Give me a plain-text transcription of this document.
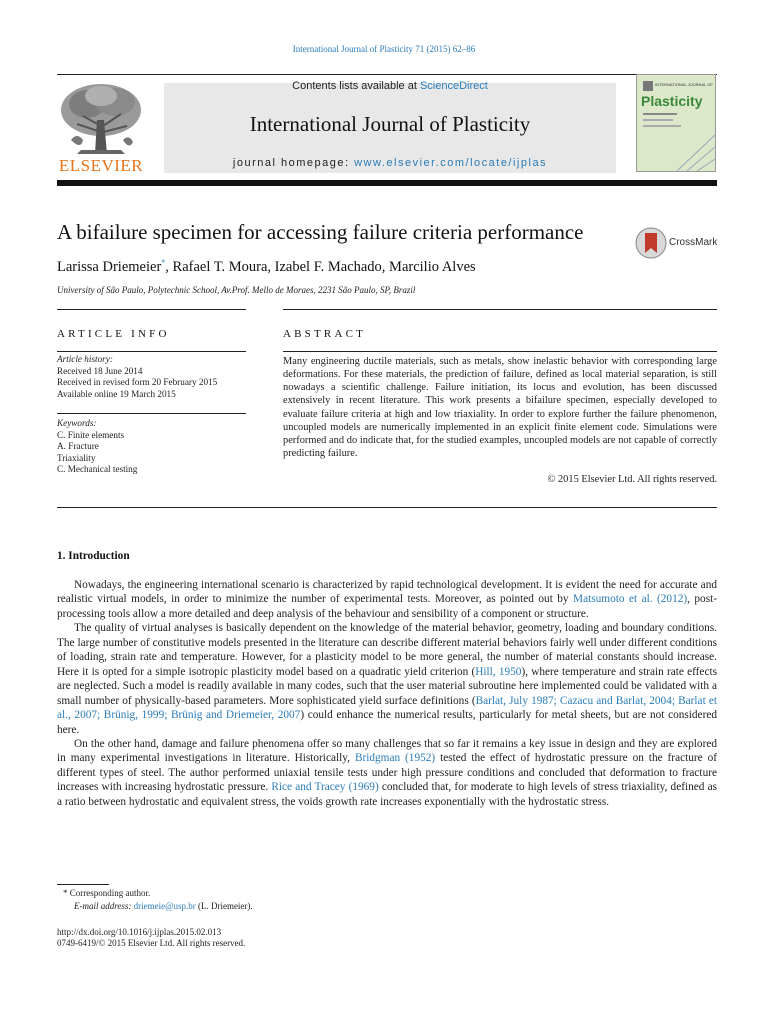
International Journal of Plasticity 71 (2015) 62–86
ELSEVIER
Contents lists available at ScienceDirect
International Journal of Plasticity
journal homepage: www.elsevier.com/locate/ijplas
INTERNATIONAL JOURNAL OF
Plasticity
A bifailure specimen for accessing failure criteria performance	CrossMark
Larissa Driemeier*, Rafael T. Moura, Izabel F. Machado, Marcilio Alves
University of São Paulo, Polytechnic School, Av.Prof. Mello de Moraes, 2231 São Paulo, SP, Brazil
ARTICLE INFO	ABSTRACT
Article history:
Received 18 June 2014
Received in revised form 20 February 2015
Available online 19 March 2015
Keywords:
C. Finite elements
A. Fracture
Triaxiality
C. Mechanical testing
Many engineering ductile materials, such as metals, show inelastic behavior with corresponding large deformations. For these materials, the prediction of failure, defined as local material separation, is still nowadays a scientific challenge. Failure initiation, its locus and evolution, has been discussed extensively in recent literature. This work presents a bifailure specimen, especially developed to evaluate failure criteria at high and low triaxiality. In order to explore further the failure phenomenon, uncoupled models are numerically implemented in an explicit finite element code. Simulations were performed and do indicate that, for the studied examples, uncoupled models are not capable of correctly predicting failure.
© 2015 Elsevier Ltd. All rights reserved.
1. Introduction
Nowadays, the engineering international scenario is characterized by rapid technological development. It is evident the need for accurate and realistic virtual models, in order to minimize the number of experimental tests. Moreover, as pointed out by Matsumoto et al. (2012), post-processing tools allow a more detailed and deep analysis of the behaviour and sensibility of a component or structure.
The quality of virtual analyses is basically dependent on the knowledge of the material behavior, geometry, loading and boundary conditions. The large number of constitutive models presented in the literature can describe different material behaviors fairly well under different conditions of loading, strain rate and temperature. However, for a plasticity model to be more general, the number of material constants should increase. Here it is opted for a simple isotropic plasticity model based on a quadratic yield criterion (Hill, 1950), where temperature and strain rate effects are neglected. Such a model is readily available in many codes, such that the user material subroutine here implemented could be validated with a small number of physically-based parameters. More sophisticated yield surface definitions (Barlat, July 1987; Cazacu and Barlat, 2004; Barlat et al., 2007; Brünig, 1999; Brünig and Driemeier, 2007) could enhance the numerical results, particularly for metal sheets, but are not considered here.
On the other hand, damage and failure phenomena offer so many challenges that so far it remains a key issue in design and they are explored in many experimental investigations in literature. Historically, Bridgman (1952) tested the effect of hydrostatic pressure on the fracture of different types of steel. The author performed uniaxial tensile tests under high pressure conditions and concluded that deformation to fracture increases with increasing hydrostatic pressure. Rice and Tracey (1969) concluded that, for moderate to high levels of stress triaxiality, defined as a ratio between hydrostatic and equivalent stress, the voids growth rate increases exponentially with the hydrostatic stress.
* Corresponding author.
E-mail address: driemeie@usp.br (L. Driemeier).
http://dx.doi.org/10.1016/j.ijplas.2015.02.013
0749-6419/© 2015 Elsevier Ltd. All rights reserved.
